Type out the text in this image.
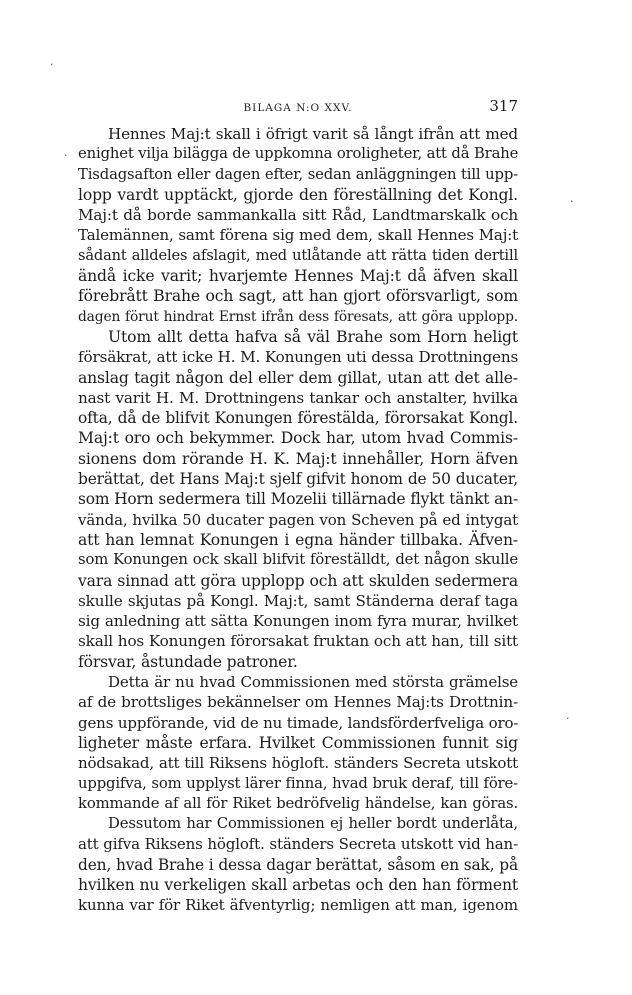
·
.
.
·
BILAGA N:O XXV.	317
Hennes Maj:t skall i öfrigt varit så långt ifrån att med
enighet vilja bilägga de uppkomna oroligheter, att då Brahe
Tisdagsafton eller dagen efter, sedan anläggningen till upp-
lopp vardt upptäckt, gjorde den föreställning det Kongl.
Maj:t då borde sammankalla sitt Råd, Landtmarskalk och
Talemännen, samt förena sig med dem, skall Hennes Maj:t
sådant alldeles afslagit, med utlåtande att rätta tiden dertill
ändå icke varit; hvarjemte Hennes Maj:t då äfven skall
förebrått Brahe och sagt, att han gjort oförsvarligt, som
dagen förut hindrat Ernst ifrån dess föresats, att göra upplopp.
Utom allt detta hafva så väl Brahe som Horn heligt
försäkrat, att icke H. M. Konungen uti dessa Drottningens
anslag tagit någon del eller dem gillat, utan att det alle-
nast varit H. M. Drottningens tankar och anstalter, hvilka
ofta, då de blifvit Konungen förestälda, förorsakat Kongl.
Maj:t oro och bekymmer. Dock har, utom hvad Commis-
sionens dom rörande H. K. Maj:t innehåller, Horn äfven
berättat, det Hans Maj:t sjelf gifvit honom de 50 ducater,
som Horn sedermera till Mozelii tillärnade flykt tänkt an-
vända, hvilka 50 ducater pagen von Scheven på ed intygat
att han lemnat Konungen i egna händer tillbaka. Äfven-
som Konungen ock skall blifvit föreställdt, det någon skulle
vara sinnad att göra upplopp och att skulden sedermera
skulle skjutas på Kongl. Maj:t, samt Ständerna deraf taga
sig anledning att sätta Konungen inom fyra murar, hvilket
skall hos Konungen förorsakat fruktan och att han, till sitt
försvar, åstundade patroner.
Detta är nu hvad Commissionen med största grämelse
af de brottsliges bekännelser om Hennes Maj:ts Drottnin-
gens uppförande, vid de nu timade, landsförderfveliga oro-
ligheter måste erfara. Hvilket Commissionen funnit sig
nödsakad, att till Riksens högloft. ständers Secreta utskott
uppgifva, som upplyst lärer finna, hvad bruk deraf, till före-
kommande af all för Riket bedröfvelig händelse, kan göras.
Dessutom har Commissionen ej heller bordt underlåta,
att gifva Riksens högloft. ständers Secreta utskott vid han-
den, hvad Brahe i dessa dagar berättat, såsom en sak, på
hvilken nu verkeligen skall arbetas och den han förment
kunna var för Riket äfventyrlig; nemligen att man, igenom
